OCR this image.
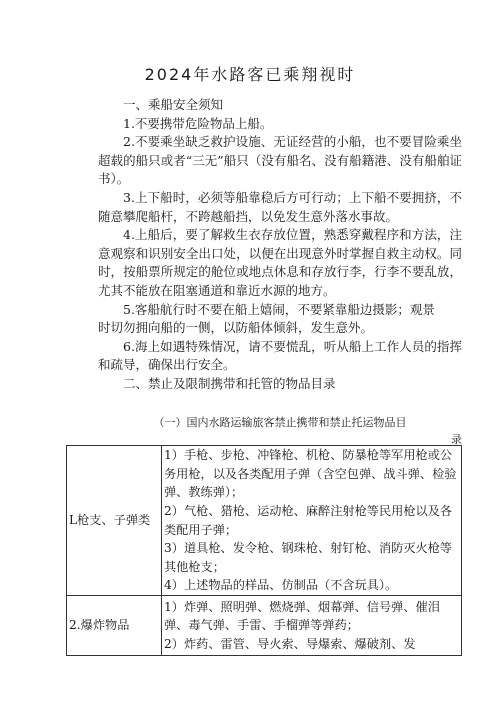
2024年水路客已乘翔视时

一、乘船安全须知

1.不要携带危险物品上船。

2.不要乘坐缺乏救护设施、无证经营的小船，也不要冒险乘坐超载的船只或者“三无”船只（没有船名、没有船籍港、没有船舶证书）。

3.上下船时，必须等船靠稳后方可行动；上下船不要拥挤，不随意攀爬船杆，不跨越船挡，以免发生意外落水事故。

4.上船后，要了解救生衣存放位置，熟悉穿戴程序和方法，注意观察和识别安全出口处，以便在出现意外时掌握自救主动权。同时，按船票所规定的舱位或地点休息和存放行李，行李不要乱放，尤其不能放在阻塞通道和靠近水源的地方。

5.客船航行时不要在船上嬉闹，不要紧靠船边摄影；观景

时切勿拥向船的一侧，以防船体倾斜，发生意外。

6.海上如遇特殊情况，请不要慌乱，听从船上工作人员的指挥和疏导，确保出行安全。

二、禁止及限制携带和托管的物品目录

（一）国内水路运输旅客禁止携带和禁止托运物品目
录
L枪支、子弹类	1）手枪、步枪、冲锋枪、机枪、防暴枪等军用枪或公务用枪，以及各类配用子弹（含空包弹、战斗弹、检验弹、教练弹）；

2）气枪、猎枪、运动枪、麻醉注射枪等民用枪以及各类配用子弹；

3）道具枪、发令枪、钢珠枪、射钉枪、消防灭火枪等其他枪支；

4）上述物品的样品、仿制品（不含玩具）。

2.爆炸物品	1）炸弹、照明弹、燃烧弹、烟幕弹、信号弹、催泪弹、毒气弹、手雷、手榴弹等弹药；

2）炸药、雷管、导火索、导爆索、爆破剂、发
